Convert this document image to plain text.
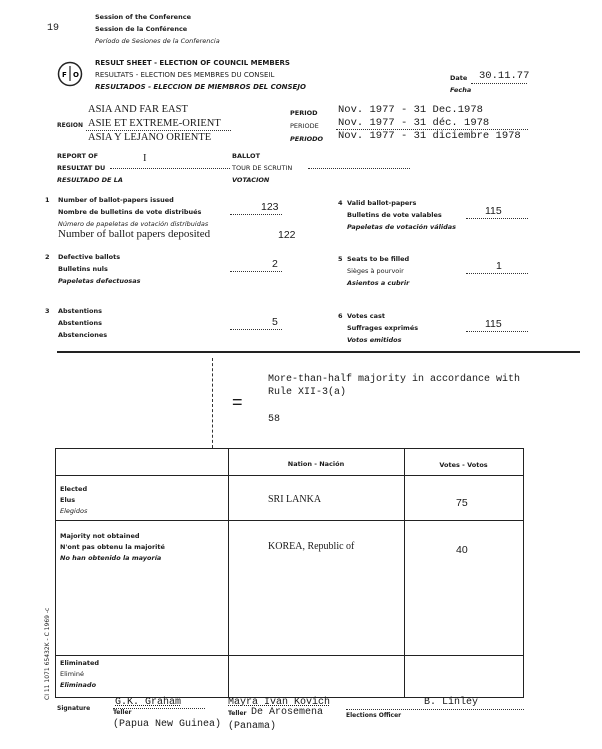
19
Session of the Conference
Session de la Conférence
Período de Sesiones de la Conferencia
F O
RESULT SHEET - ELECTION OF COUNCIL MEMBERS
RESULTATS - ELECTION DES MEMBRES DU CONSEIL
RESULTADOS - ELECCION DE MIEMBROS DEL CONSEJO
Date 30.11.77
Fecha
REGION
ASIA AND FAR EAST
ASIE ET EXTREME-ORIENT
ASIA Y LEJANO ORIENTE
PERIOD
PERIODE
PERIODO
Nov. 1977 - 31 Dec.1978
Nov. 1977 - 31 déc. 1978
Nov. 1977 - 31 diciembre 1978
REPORT OF
RESULTAT DU
I
RESULTADO DE LA
BALLOT
TOUR DE SCRUTIN
VOTACION
1 Number of ballot-papers issued
Nombre de bulletins de vote distribués
Número de papeletas de votación distribuidas
123
Number of ballot papers deposited	122
2 Defective ballots
Bulletins nuls
Papeletas defectuosas
2
3
Abstentions
Abstenciones
Abstentions
5
4 Valid ballot-papers
Bulletins de vote valables
Papeletas de votación válidas
115
5 Seats to be filled
Sièges à pourvoir
Asientos a cubrir
1
6 Votes cast
Suffrages exprimés
Votos emitidos
115
=
More-than-half majority in accordance with
Rule XII-3(a)
58
Nation - Nación	Votes - Votos
Elected
Elus
Elegidos
SRI LANKA	75
Majority not obtained
N'ont pas obtenu la majorité
No han obtenido la mayoría
KOREA, Republic of	40
Eliminated
Eliminé
Eliminado
CI 11 1071 65432K - C 1969 -c
Signature
G.K. Graham
Teller
(Papua New Guinea)
Mayra Ivan Kovich
Teller De Arosemena
(Panama)
B. Linley
Elections Officer
